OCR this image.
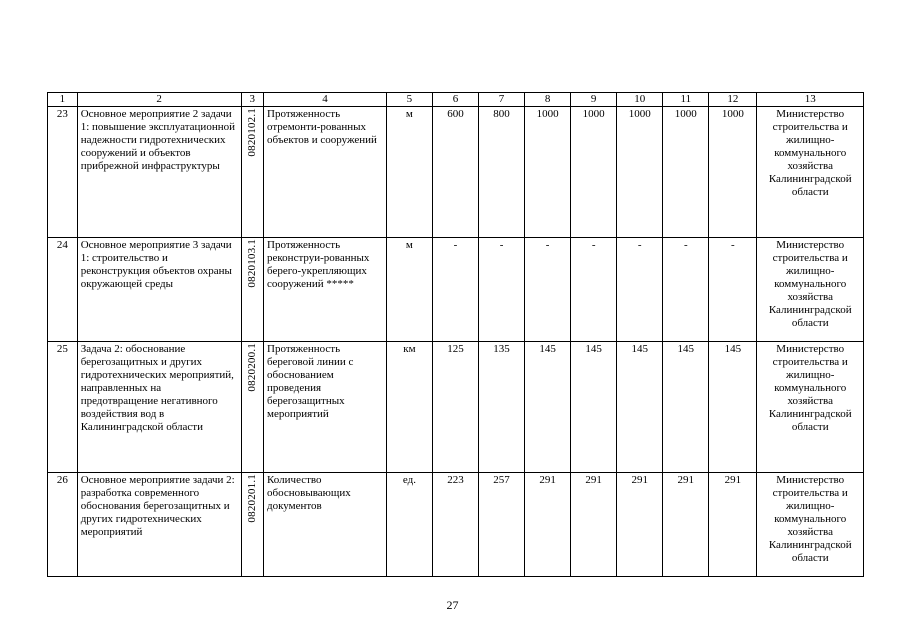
1	2	3	4	5	6	7	8	9	10	11	12	13
23	Основное мероприятие 2 задачи 1: повышение эксплуатационной надежности гидротехнических сооружений и объектов прибрежной инфраструктуры	0820102.1	Протяженность отремонти-рованных объектов и сооружений	м	600	800	1000	1000	1000	1000	1000	Министерство строительства и жилищно-коммунального хозяйства Калининградской области
24	Основное мероприятие 3 задачи 1: строительство и реконструкция объектов охраны окружающей среды	0820103.1	Протяженность реконструи-рованных берего-укрепляющих сооружений *****	м	-	-	-	-	-	-	-	Министерство строительства и жилищно-коммунального хозяйства Калининградской области
25	Задача 2: обоснование берегозащитных и других гидротехнических мероприятий, направленных на предотвращение негативного воздействия вод в Калининградской области	0820200.1	Протяженность береговой линии с обоснованием проведения берегозащитных мероприятий	км	125	135	145	145	145	145	145	Министерство строительства и жилищно-коммунального хозяйства Калининградской области
26	Основное мероприятие задачи 2: разработка современного обоснования берегозащитных и других гидротехнических мероприятий	0820201.1	Количество обосновывающих документов	ед.	223	257	291	291	291	291	291	Министерство строительства и жилищно-коммунального хозяйства Калининградской области
27
